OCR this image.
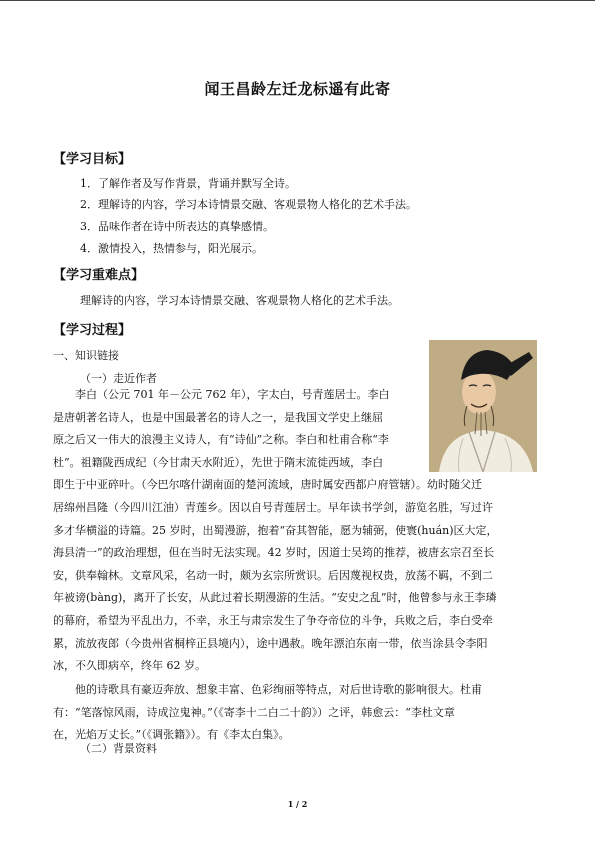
闻王昌龄左迁龙标遥有此寄
【学习目标】
1．了解作者及写作背景，背诵并默写全诗。
2．理解诗的内容，学习本诗情景交融、客观景物人格化的艺术手法。
3．品味作者在诗中所表达的真挚感情。
4．激情投入，热情参与，阳光展示。
【学习重难点】
理解诗的内容，学习本诗情景交融、客观景物人格化的艺术手法。
【学习过程】
一、知识链接
（一）走近作者
　　李白（公元 701 年－公元 762 年），字太白，号青莲居士。李白
是唐朝著名诗人，也是中国最著名的诗人之一，是我国文学史上继屈
原之后又一伟大的浪漫主义诗人，有“诗仙”之称。李白和杜甫合称“李
杜”。祖籍陇西成纪（今甘肃天水附近），先世于隋末流徙西域，李白
即生于中亚碎叶。（今巴尔喀什湖南面的楚河流域，唐时属安西都户府管辖）。幼时随父迁
居绵州昌隆（今四川江油）青莲乡。因以自号青莲居士。早年读书学剑，游览名胜，写过许
多才华横溢的诗篇。25 岁时，出蜀漫游，抱着“奋其智能，愿为辅弼，使寰(huán)区大定，
海县清一”的政治理想，但在当时无法实现。42 岁时，因道士吴筠的推荐，被唐玄宗召至长
安，供奉翰林。文章风采，名动一时，颇为玄宗所赏识。后因蔑视权贵，放荡不羁，不到二
年被谤(bàng)，离开了长安，从此过着长期漫游的生活。“安史之乱”时，他曾参与永王李璘
的幕府，希望为平乱出力，不幸，永王与肃宗发生了争夺帝位的斗争，兵败之后，李白受牵
累，流放夜郎（今贵州省桐梓正县境内），途中遇赦。晚年漂泊东南一带，依当涂县令李阳
冰，不久即病卒，终年 62 岁。
　　他的诗歌具有豪迈奔放、想象丰富、色彩绚丽等特点，对后世诗歌的影响很大。杜甫
有：“笔落惊风雨，诗成泣鬼神。”（《寄李十二白二十韵》）之评，韩愈云：“李杜文章
在，光焰万丈长。”（《调张籍》）。有《李太白集》。
（二）背景资料
1 / 2
